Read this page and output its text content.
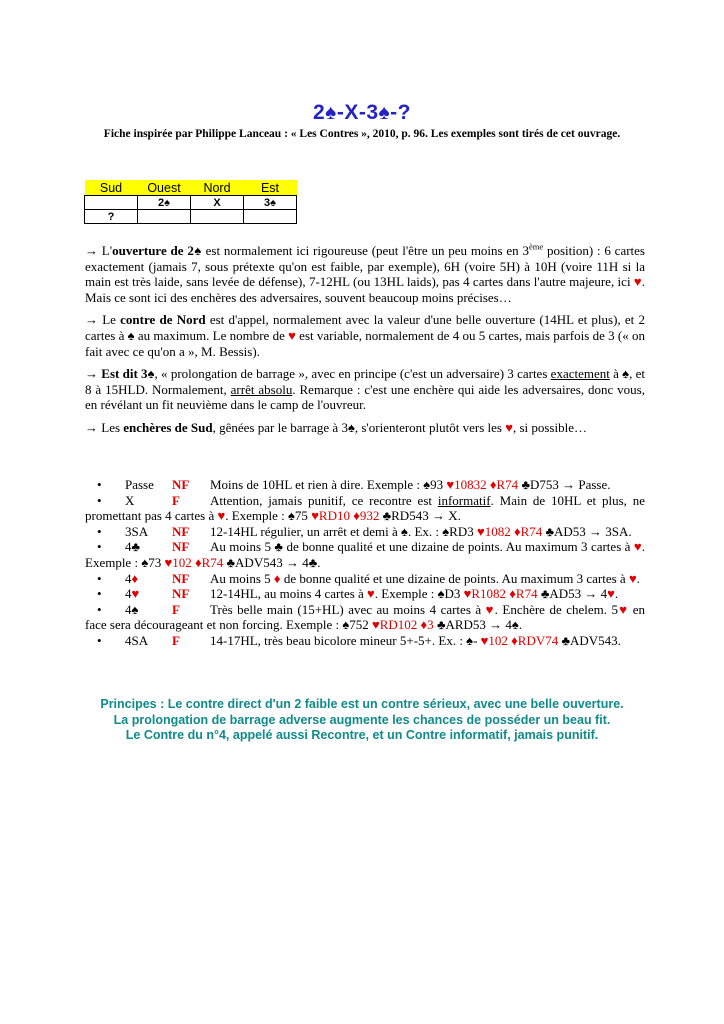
2♠-X-3♠-?
Fiche inspirée par Philippe Lanceau : « Les Contres », 2010, p. 96. Les exemples sont tirés de cet ouvrage.
Sud	Ouest	Nord	Est
	2♠	X	3♠
?			
→ L'ouverture de 2♠ est normalement ici rigoureuse (peut l'être un peu moins en 3ème position) : 6 cartes exactement (jamais 7, sous prétexte qu'on est faible, par exemple), 6H (voire 5H) à 10H (voire 11H si la main est très laide, sans levée de défense), 7-12HL (ou 13HL laids), pas 4 cartes dans l'autre majeure, ici ♥. Mais ce sont ici des enchères des adversaires, souvent beaucoup moins précises…
→ Le contre de Nord est d'appel, normalement avec la valeur d'une belle ouverture (14HL et plus), et 2 cartes à ♠ au maximum. Le nombre de ♥ est variable, normalement de 4 ou 5 cartes, mais parfois de 3 (« on fait avec ce qu'on a », M. Bessis).
→ Est dit 3♠, « prolongation de barrage », avec en principe (c'est un adversaire) 3 cartes exactement à ♠, et 8 à 15HLD. Normalement, arrêt absolu. Remarque : c'est une enchère qui aide les adversaires, donc vous, en révélant un fit neuvième dans le camp de l'ouvreur.
→ Les enchères de Sud, gênées par le barrage à 3♠, s'orienteront plutôt vers les ♥, si possible…
• Passe NF Moins de 10HL et rien à dire. Exemple : ♠93 ♥10832 ♦R74 ♣D753 → Passe.
• X	F Attention, jamais punitif, ce recontre est informatif. Main de 10HL et plus, ne promettant pas 4 cartes à ♥. Exemple : ♠75 ♥RD10 ♦932 ♣RD543 → X.
• 3SA NF 12-14HL régulier, un arrêt et demi à ♠. Ex. : ♠RD3 ♥1082 ♦R74 ♣AD53 → 3SA.
• 4♣ NF Au moins 5 ♣ de bonne qualité et une dizaine de points. Au maximum 3 cartes à ♥. Exemple : ♠73 ♥102 ♦R74 ♣ADV543 → 4♣.
• 4♦	NF Au moins 5 ♦ de bonne qualité et une dizaine de points. Au maximum 3 cartes à ♥.
• 4♥	NF 12-14HL, au moins 4 cartes à ♥. Exemple : ♠D3 ♥R1082 ♦R74 ♣AD53 → 4♥.
• 4♠	F Très belle main (15+HL) avec au moins 4 cartes à ♥. Enchère de chelem. 5♥ en face sera décourageant et non forcing. Exemple : ♠752 ♥RD102 ♦3 ♣ARD53 → 4♠.
• 4SA F 14-17HL, très beau bicolore mineur 5+-5+. Ex. : ♠- ♥102 ♦RDV74 ♣ADV543.
Principes : Le contre direct d'un 2 faible est un contre sérieux, avec une belle ouverture.
La prolongation de barrage adverse augmente les chances de posséder un beau fit.
Le Contre du n°4, appelé aussi Recontre, et un Contre informatif, jamais punitif.
